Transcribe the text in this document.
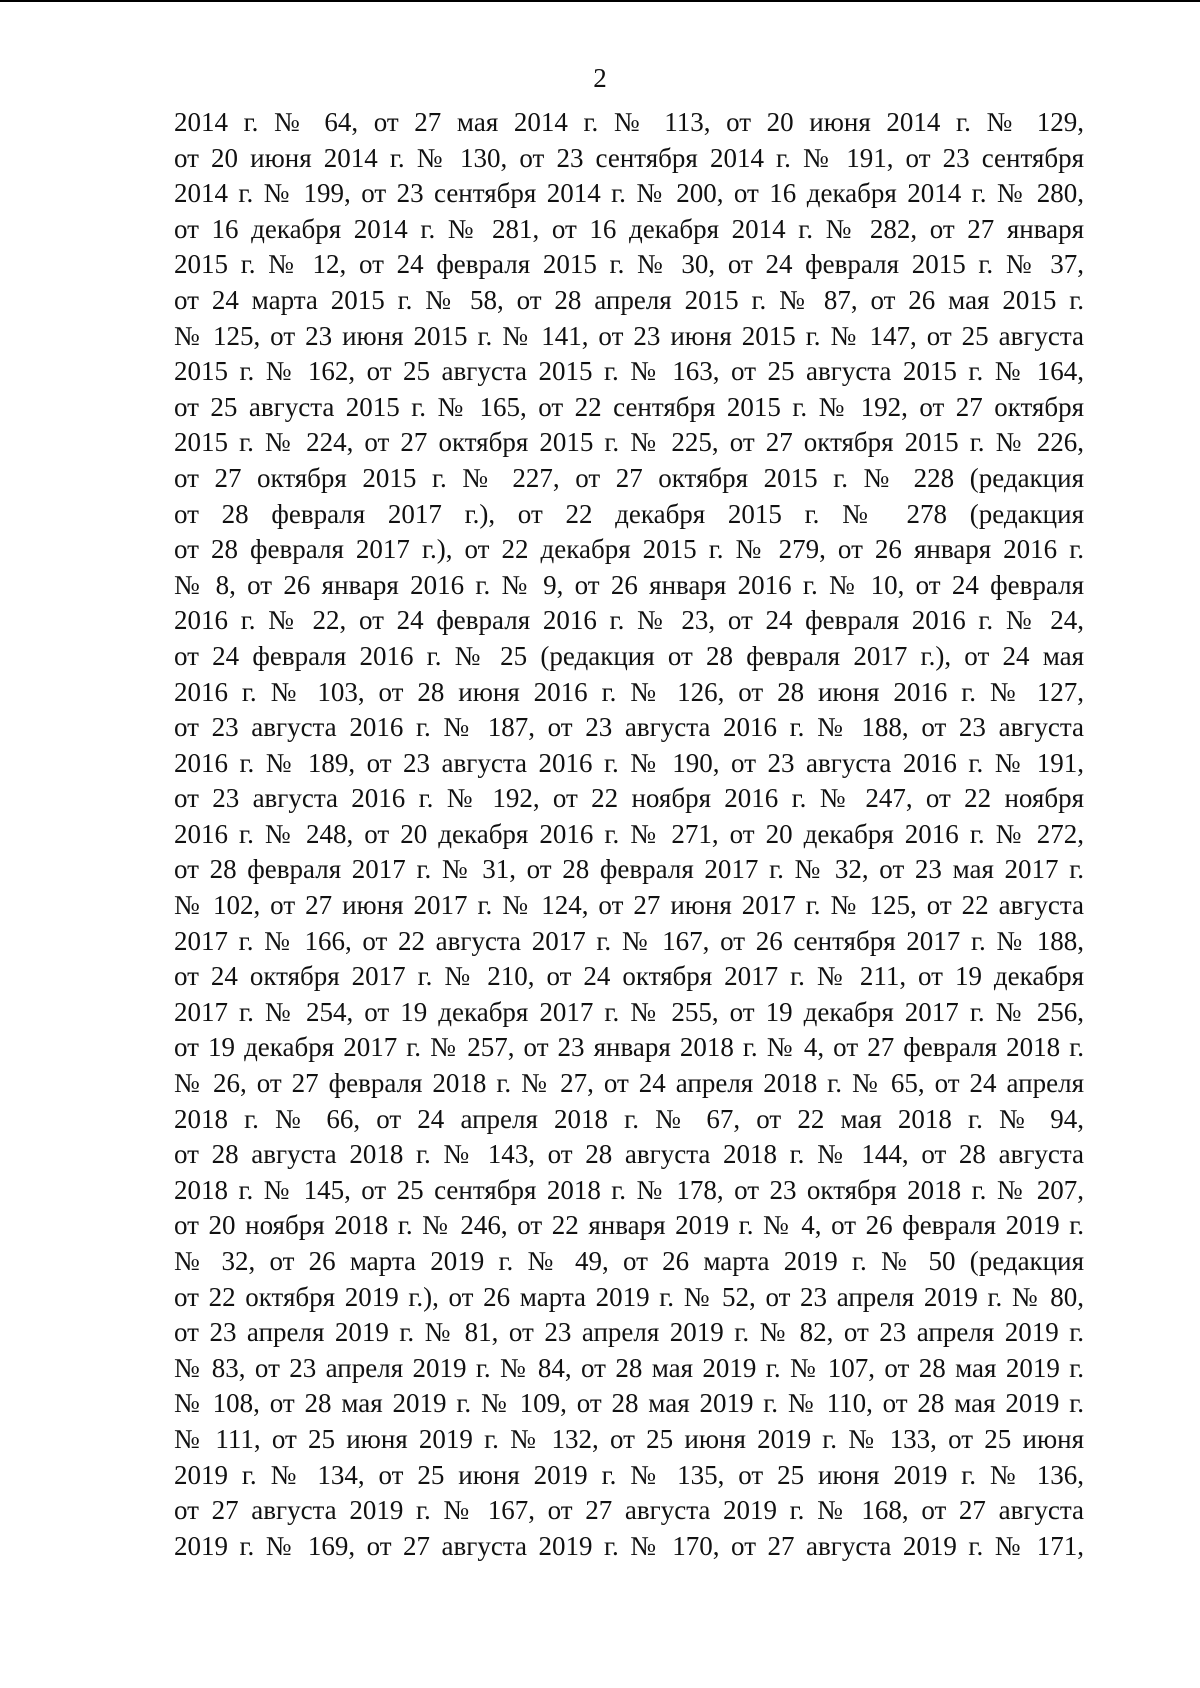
2
2014 г. № 64, от 27 мая 2014 г. № 113, от 20 июня 2014 г. № 129,
от 20 июня 2014 г. № 130, от 23 сентября 2014 г. № 191, от 23 сентября
2014 г. № 199, от 23 сентября 2014 г. № 200, от 16 декабря 2014 г. № 280,
от 16 декабря 2014 г. № 281, от 16 декабря 2014 г. № 282, от 27 января
2015 г. № 12, от 24 февраля 2015 г. № 30, от 24 февраля 2015 г. № 37,
от 24 марта 2015 г. № 58, от 28 апреля 2015 г. № 87, от 26 мая 2015 г.
№ 125, от 23 июня 2015 г. № 141, от 23 июня 2015 г. № 147, от 25 августа
2015 г. № 162, от 25 августа 2015 г. № 163, от 25 августа 2015 г. № 164,
от 25 августа 2015 г. № 165, от 22 сентября 2015 г. № 192, от 27 октября
2015 г. № 224, от 27 октября 2015 г. № 225, от 27 октября 2015 г. № 226,
от 27 октября 2015 г. № 227, от 27 октября 2015 г. № 228 (редакция
от 28 февраля 2017 г.), от 22 декабря 2015 г. № 278 (редакция
от 28 февраля 2017 г.), от 22 декабря 2015 г. № 279, от 26 января 2016 г.
№ 8, от 26 января 2016 г. № 9, от 26 января 2016 г. № 10, от 24 февраля
2016 г. № 22, от 24 февраля 2016 г. № 23, от 24 февраля 2016 г. № 24,
от 24 февраля 2016 г. № 25 (редакция от 28 февраля 2017 г.), от 24 мая
2016 г. № 103, от 28 июня 2016 г. № 126, от 28 июня 2016 г. № 127,
от 23 августа 2016 г. № 187, от 23 августа 2016 г. № 188, от 23 августа
2016 г. № 189, от 23 августа 2016 г. № 190, от 23 августа 2016 г. № 191,
от 23 августа 2016 г. № 192, от 22 ноября 2016 г. № 247, от 22 ноября
2016 г. № 248, от 20 декабря 2016 г. № 271, от 20 декабря 2016 г. № 272,
от 28 февраля 2017 г. № 31, от 28 февраля 2017 г. № 32, от 23 мая 2017 г.
№ 102, от 27 июня 2017 г. № 124, от 27 июня 2017 г. № 125, от 22 августа
2017 г. № 166, от 22 августа 2017 г. № 167, от 26 сентября 2017 г. № 188,
от 24 октября 2017 г. № 210, от 24 октября 2017 г. № 211, от 19 декабря
2017 г. № 254, от 19 декабря 2017 г. № 255, от 19 декабря 2017 г. № 256,
от 19 декабря 2017 г. № 257, от 23 января 2018 г. № 4, от 27 февраля 2018 г.
№ 26, от 27 февраля 2018 г. № 27, от 24 апреля 2018 г. № 65, от 24 апреля
2018 г. № 66, от 24 апреля 2018 г. № 67, от 22 мая 2018 г. № 94,
от 28 августа 2018 г. № 143, от 28 августа 2018 г. № 144, от 28 августа
2018 г. № 145, от 25 сентября 2018 г. № 178, от 23 октября 2018 г. № 207,
от 20 ноября 2018 г. № 246, от 22 января 2019 г. № 4, от 26 февраля 2019 г.
№ 32, от 26 марта 2019 г. № 49, от 26 марта 2019 г. № 50 (редакция
от 22 октября 2019 г.), от 26 марта 2019 г. № 52, от 23 апреля 2019 г. № 80,
от 23 апреля 2019 г. № 81, от 23 апреля 2019 г. № 82, от 23 апреля 2019 г.
№ 83, от 23 апреля 2019 г. № 84, от 28 мая 2019 г. № 107, от 28 мая 2019 г.
№ 108, от 28 мая 2019 г. № 109, от 28 мая 2019 г. № 110, от 28 мая 2019 г.
№ 111, от 25 июня 2019 г. № 132, от 25 июня 2019 г. № 133, от 25 июня
2019 г. № 134, от 25 июня 2019 г. № 135, от 25 июня 2019 г. № 136,
от 27 августа 2019 г. № 167, от 27 августа 2019 г. № 168, от 27 августа
2019 г. № 169, от 27 августа 2019 г. № 170, от 27 августа 2019 г. № 171,
